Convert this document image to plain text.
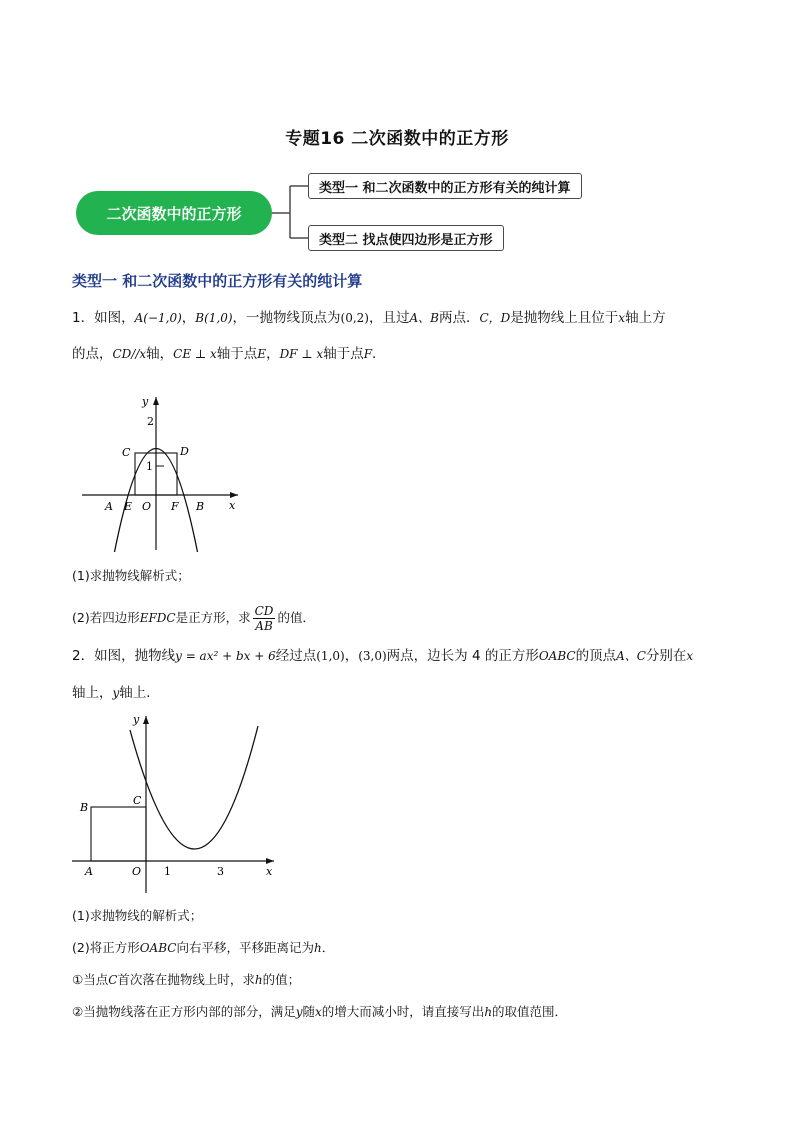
专题16 二次函数中的正方形
二次函数中的正方形
类型一 和二次函数中的正方形有关的纯计算
类型二 找点使四边形是正方形
类型一 和二次函数中的正方形有关的纯计算
1．如图，A(−1,0)，B(1,0)，一抛物线顶点为(0,2)，且过A、B两点．C，D是抛物线上且位于x轴上方
的点，CD//x轴，CE ⊥ x轴于点E，DF ⊥ x轴于点F．
y
x
2
1
C	D
A E O F B
(1)求抛物线解析式；
(2)若四边形EFDC是正方形，求 $\frac{CD}{AB}$ 的值．
2．如图，抛物线y = ax² + bx + 6经过点(1,0)，(3,0)两点，边长为 4 的正方形OABC的顶点A、C分别在x
轴上，y轴上．
y
x
B
C
A	O 1	3
(1)求抛物线的解析式；
(2)将正方形OABC向右平移，平移距离记为h．
①当点C首次落在抛物线上时，求h的值；
②当抛物线落在正方形内部的部分，满足y随x的增大而减小时，请直接写出h的取值范围．
